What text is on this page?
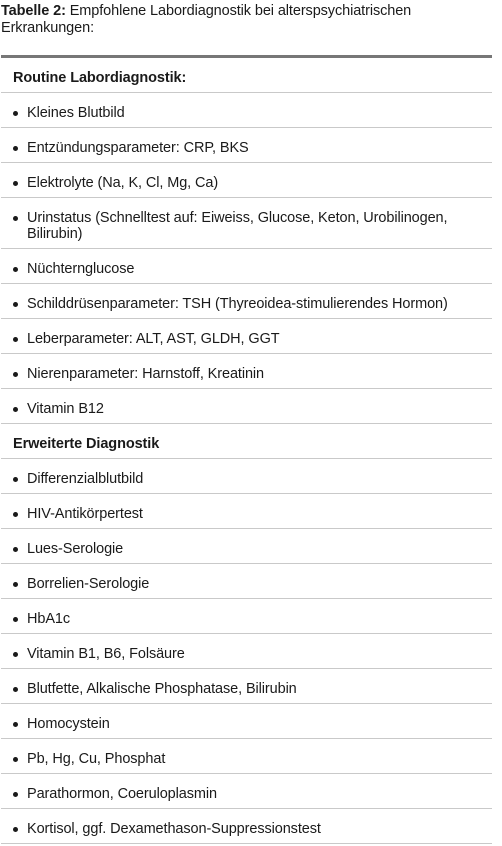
Tabelle 2: Empfohlene Labordiagnostik bei alterspsychiatrischen Erkrankungen:
Routine Labordiagnostik:
Kleines Blutbild
Entzündungsparameter: CRP, BKS
Elektrolyte (Na, K, Cl, Mg, Ca)
Urinstatus (Schnelltest auf: Eiweiss, Glucose, Keton, Urobilinogen, Bilirubin)
Nüchternglucose
Schilddrüsenparameter: TSH (Thyreoidea-stimulierendes Hormon)
Leberparameter: ALT, AST, GLDH, GGT
Nierenparameter: Harnstoff, Kreatinin
Vitamin B12
Erweiterte Diagnostik
Differenzialblutbild
HIV-Antikörpertest
Lues-Serologie
Borrelien-Serologie
HbA1c
Vitamin B1, B6, Folsäure
Blutfette, Alkalische Phosphatase, Bilirubin
Homocystein
Pb, Hg, Cu, Phosphat
Parathormon, Coeruloplasmin
Kortisol, ggf. Dexamethason-Suppressionstest
